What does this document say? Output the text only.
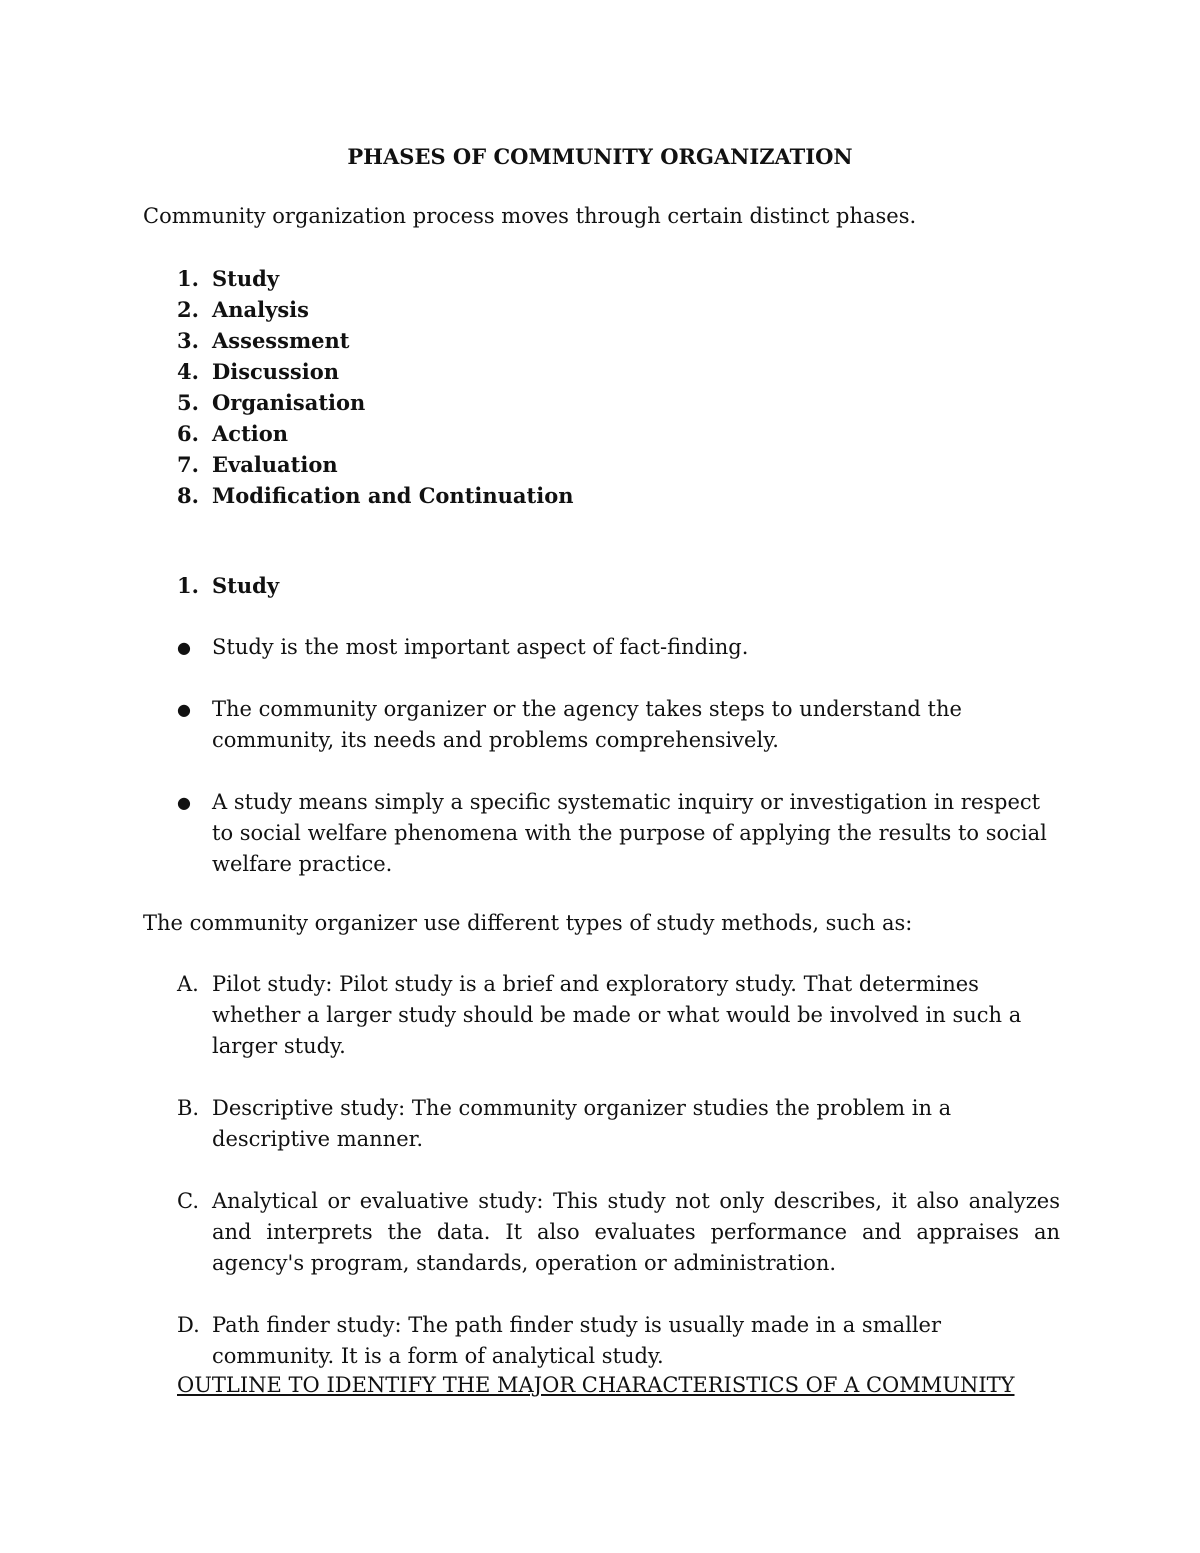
PHASES OF COMMUNITY ORGANIZATION
Community organization process moves through certain distinct phases.
1. Study
2. Analysis
3. Assessment
4. Discussion
5. Organisation
6. Action
7. Evaluation
8. Modification and Continuation
1. Study
●	Study is the most important aspect of fact-finding.
●	The community organizer or the agency takes steps to understand the community, its needs and problems comprehensively.
●	A study means simply a specific systematic inquiry or investigation in respect to social welfare phenomena with the purpose of applying the results to social welfare practice.
The community organizer use different types of study methods, such as:
A. Pilot study: Pilot study is a brief and exploratory study. That determines whether a larger study should be made or what would be involved in such a larger study.
B. Descriptive study: The community organizer studies the problem in a descriptive manner.
C. Analytical or evaluative study: This study not only describes, it also analyzes and interprets the data. It also evaluates performance and appraises an agency's program, standards, operation or administration.
D. Path finder study: The path finder study is usually made in a smaller community. It is a form of analytical study.
OUTLINE TO IDENTIFY THE MAJOR CHARACTERISTICS OF A COMMUNITY
